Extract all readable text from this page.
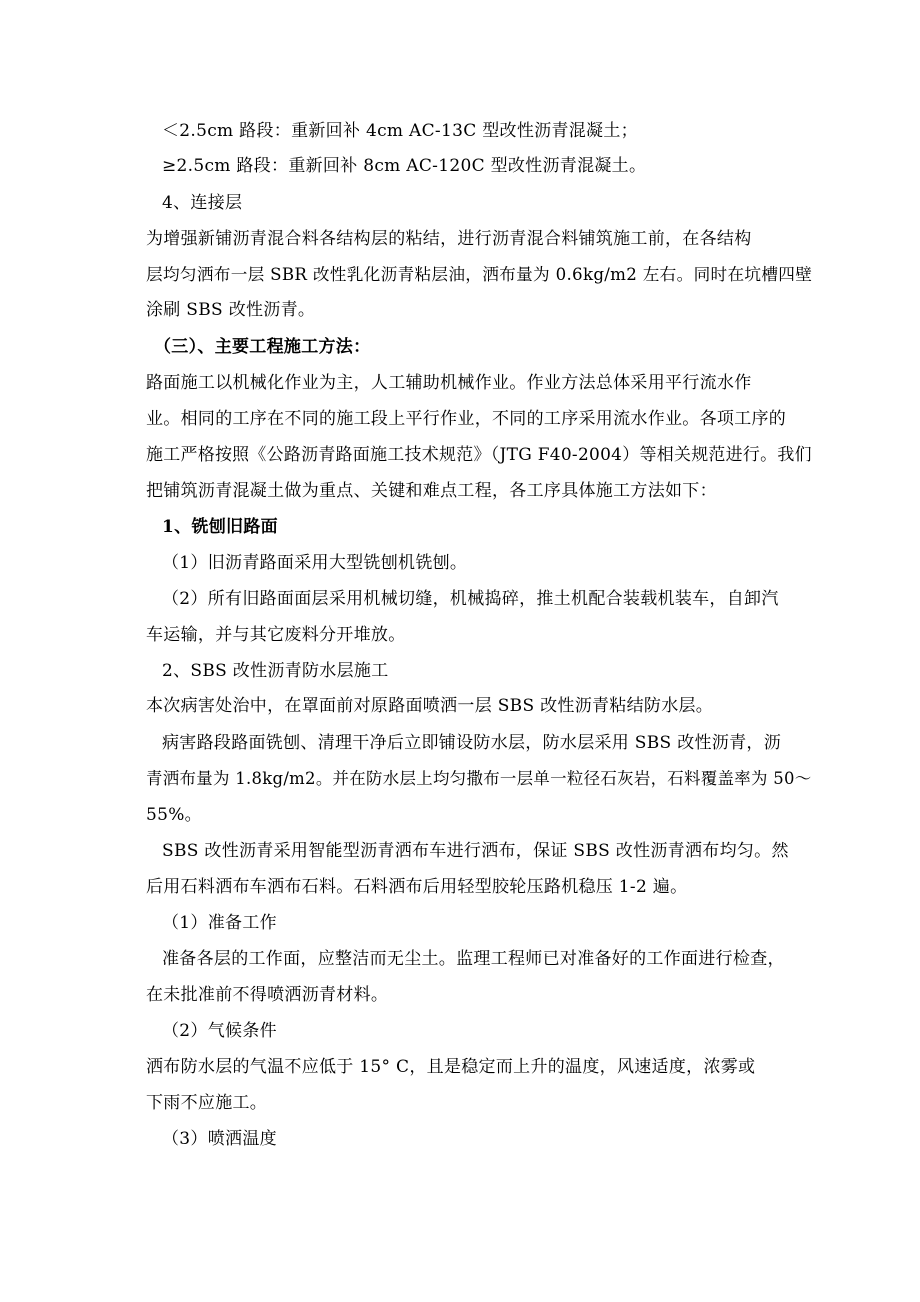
＜2.5cm 路段：重新回补 4cm AC-13C 型改性沥青混凝土；
≥2.5cm 路段：重新回补 8cm AC-120C 型改性沥青混凝土。
4、连接层
为增强新铺沥青混合料各结构层的粘结，进行沥青混合料铺筑施工前，在各结构
层均匀洒布一层 SBR 改性乳化沥青粘层油，洒布量为 0.6kg/m2 左右。同时在坑槽四壁
涂刷 SBS 改性沥青。
（三）、主要工程施工方法：
路面施工以机械化作业为主，人工辅助机械作业。作业方法总体采用平行流水作
业。相同的工序在不同的施工段上平行作业，不同的工序采用流水作业。各项工序的
施工严格按照《公路沥青路面施工技术规范》（JTG F40-2004）等相关规范进行。我们
把铺筑沥青混凝土做为重点、关键和难点工程，各工序具体施工方法如下：
1、铣刨旧路面
（1）旧沥青路面采用大型铣刨机铣刨。
（2）所有旧路面面层采用机械切缝，机械捣碎，推土机配合装载机装车，自卸汽
车运输，并与其它废料分开堆放。
2、SBS 改性沥青防水层施工
本次病害处治中，在罩面前对原路面喷洒一层 SBS 改性沥青粘结防水层。
病害路段路面铣刨、清理干净后立即铺设防水层，防水层采用 SBS 改性沥青，沥
青洒布量为 1.8kg/m2。并在防水层上均匀撒布一层单一粒径石灰岩，石料覆盖率为 50～
55%。
SBS 改性沥青采用智能型沥青洒布车进行洒布，保证 SBS 改性沥青洒布均匀。然
后用石料洒布车洒布石料。石料洒布后用轻型胶轮压路机稳压 1-2 遍。
（1）准备工作
准备各层的工作面，应整洁而无尘土。监理工程师已对准备好的工作面进行检查，
在未批准前不得喷洒沥青材料。
（2）气候条件
洒布防水层的气温不应低于 15° C，且是稳定而上升的温度，风速适度，浓雾或
下雨不应施工。
（3）喷洒温度
